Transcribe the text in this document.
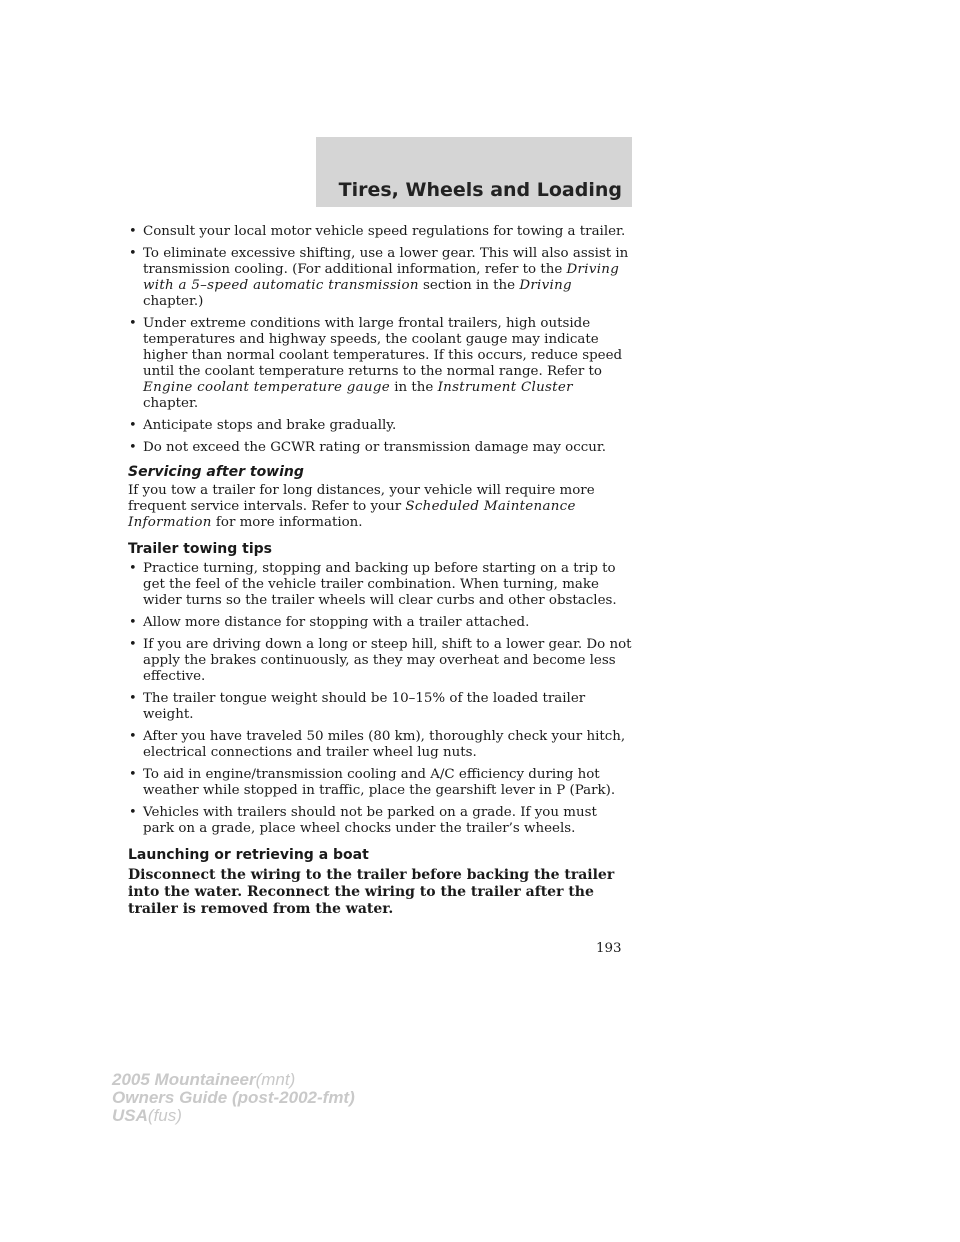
Tires, Wheels and Loading
• Consult your local motor vehicle speed regulations for towing a trailer.
• To eliminate excessive shifting, use a lower gear. This will also assist in transmission cooling. (For additional information, refer to the Driving with a 5–speed automatic transmission section in the Driving chapter.)
• Under extreme conditions with large frontal trailers, high outside temperatures and highway speeds, the coolant gauge may indicate higher than normal coolant temperatures. If this occurs, reduce speed until the coolant temperature returns to the normal range. Refer to Engine coolant temperature gauge in the Instrument Cluster chapter.
• Anticipate stops and brake gradually.
• Do not exceed the GCWR rating or transmission damage may occur.
Servicing after towing
If you tow a trailer for long distances, your vehicle will require more frequent service intervals. Refer to your Scheduled Maintenance Information for more information.
Trailer towing tips
• Practice turning, stopping and backing up before starting on a trip to get the feel of the vehicle trailer combination. When turning, make wider turns so the trailer wheels will clear curbs and other obstacles.
• Allow more distance for stopping with a trailer attached.
• If you are driving down a long or steep hill, shift to a lower gear. Do not apply the brakes continuously, as they may overheat and become less effective.
• The trailer tongue weight should be 10–15% of the loaded trailer weight.
• After you have traveled 50 miles (80 km), thoroughly check your hitch, electrical connections and trailer wheel lug nuts.
• To aid in engine/transmission cooling and A/C efficiency during hot weather while stopped in traffic, place the gearshift lever in P (Park).
• Vehicles with trailers should not be parked on a grade. If you must park on a grade, place wheel chocks under the trailer’s wheels.
Launching or retrieving a boat
Disconnect the wiring to the trailer before backing the trailer into the water. Reconnect the wiring to the trailer after the trailer is removed from the water.
193
2005 Mountaineer(mnt)
Owners Guide (post-2002-fmt)
USA(fus)
